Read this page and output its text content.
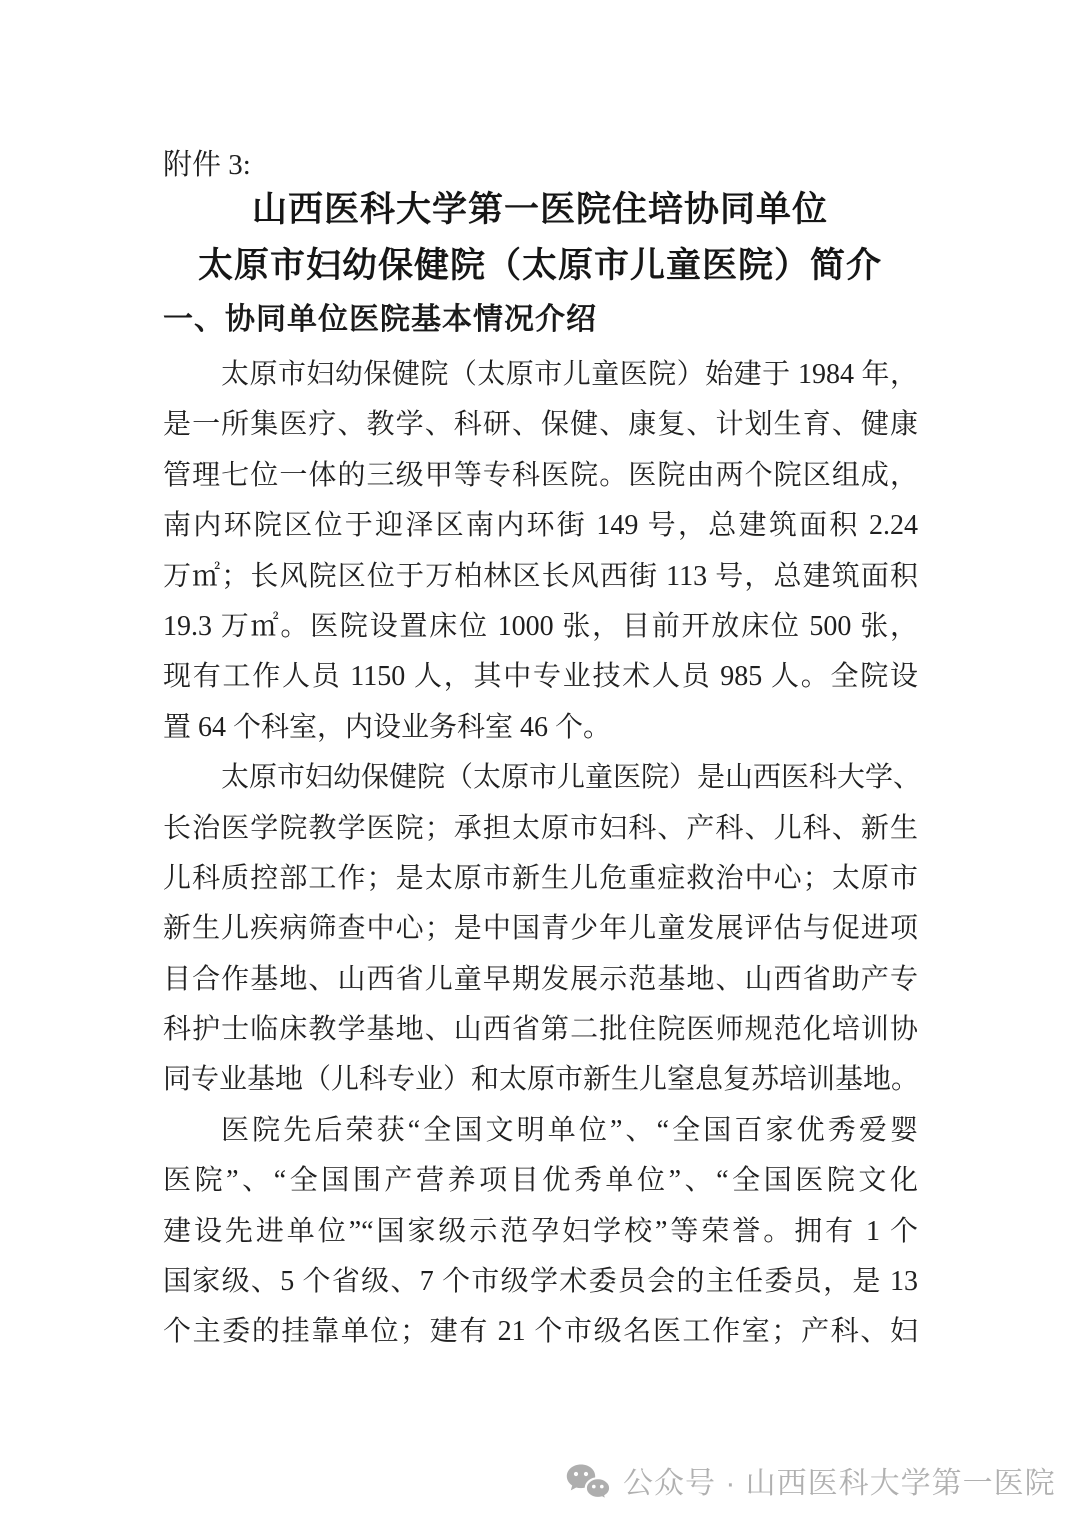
附件 3:
山西医科大学第一医院住培协同单位
太原市妇幼保健院（太原市儿童医院）简介
一、协同单位医院基本情况介绍
太原市妇幼保健院（太原市儿童医院）始建于 1984 年，
是一所集医疗、教学、科研、保健、康复、计划生育、健康
管理七位一体的三级甲等专科医院。医院由两个院区组成，
南内环院区位于迎泽区南内环街 149 号，总建筑面积 2.24
万㎡；长风院区位于万柏林区长风西街 113 号，总建筑面积
19.3 万㎡。医院设置床位 1000 张，目前开放床位 500 张，
现有工作人员 1150 人，其中专业技术人员 985 人。全院设
置 64 个科室，内设业务科室 46 个。
太原市妇幼保健院（太原市儿童医院）是山西医科大学、
长治医学院教学医院；承担太原市妇科、产科、儿科、新生
儿科质控部工作；是太原市新生儿危重症救治中心；太原市
新生儿疾病筛查中心；是中国青少年儿童发展评估与促进项
目合作基地、山西省儿童早期发展示范基地、山西省助产专
科护士临床教学基地、山西省第二批住院医师规范化培训协
同专业基地（儿科专业）和太原市新生儿窒息复苏培训基地。
医院先后荣获“全国文明单位”、“全国百家优秀爱婴
医院”、“全国围产营养项目优秀单位”、“全国医院文化
建设先进单位”“国家级示范孕妇学校”等荣誉。拥有 1 个
国家级、5 个省级、7 个市级学术委员会的主任委员，是 13
个主委的挂靠单位；建有 21 个市级名医工作室；产科、妇
公众号 · 山西医科大学第一医院
